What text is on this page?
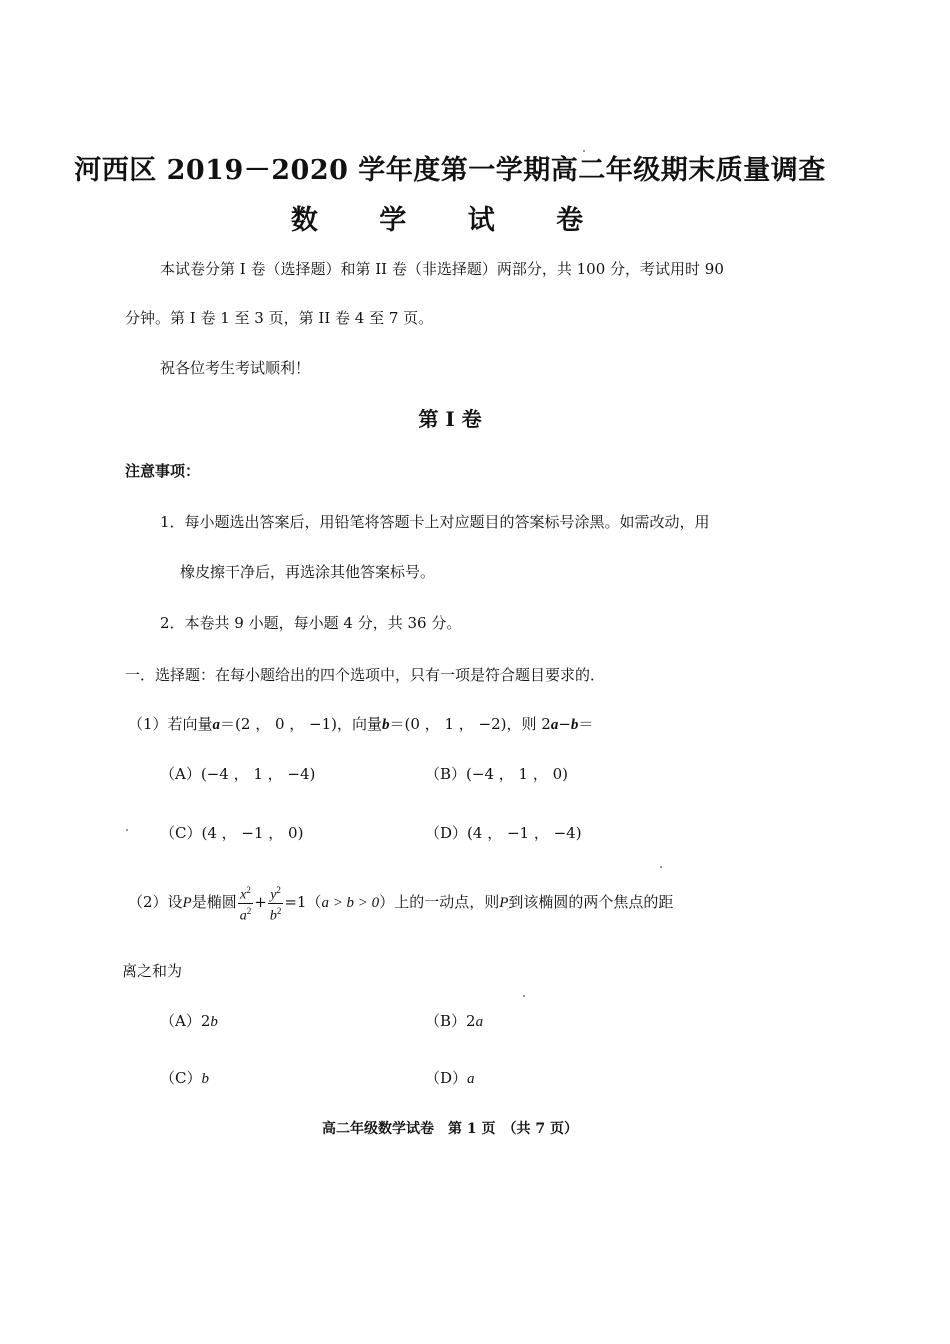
河西区 2019－2020 学年度第一学期高二年级期末质量调查
数 学 试 卷
本试卷分第 I 卷（选择题）和第 II 卷（非选择题）两部分，共 100 分，考试用时 90
分钟。第 I 卷 1 至 3 页，第 II 卷 4 至 7 页。
祝各位考生考试顺利！
第 I 卷
注意事项：
1．每小题选出答案后，用铅笔将答题卡上对应题目的答案标号涂黑。如需改动，用
橡皮擦干净后，再选涂其他答案标号。
2．本卷共 9 小题，每小题 4 分，共 36 分。
一．选择题：在每小题给出的四个选项中，只有一项是符合题目要求的．
（1）若向量a＝(2 ， 0 ， −1)，向量b＝(0 ， 1 ， −2)，则 2a−b＝
（A）(−4 ， 1 ， −4)	（B）(−4 ， 1 ， 0)
（C）(4 ， −1 ， 0)	（D）(4 ， −1 ， −4)
（2）设P是椭圆 $\frac{x^2}{a^2} + \frac{y^2}{b^2} =1(a > b > 0)$上的一动点，则P到该椭圆的两个焦点的距
离之和为
（A）2b	（B）2a
（C）b	（D）a
高二年级数学试卷　第 1 页　（共 7 页）
